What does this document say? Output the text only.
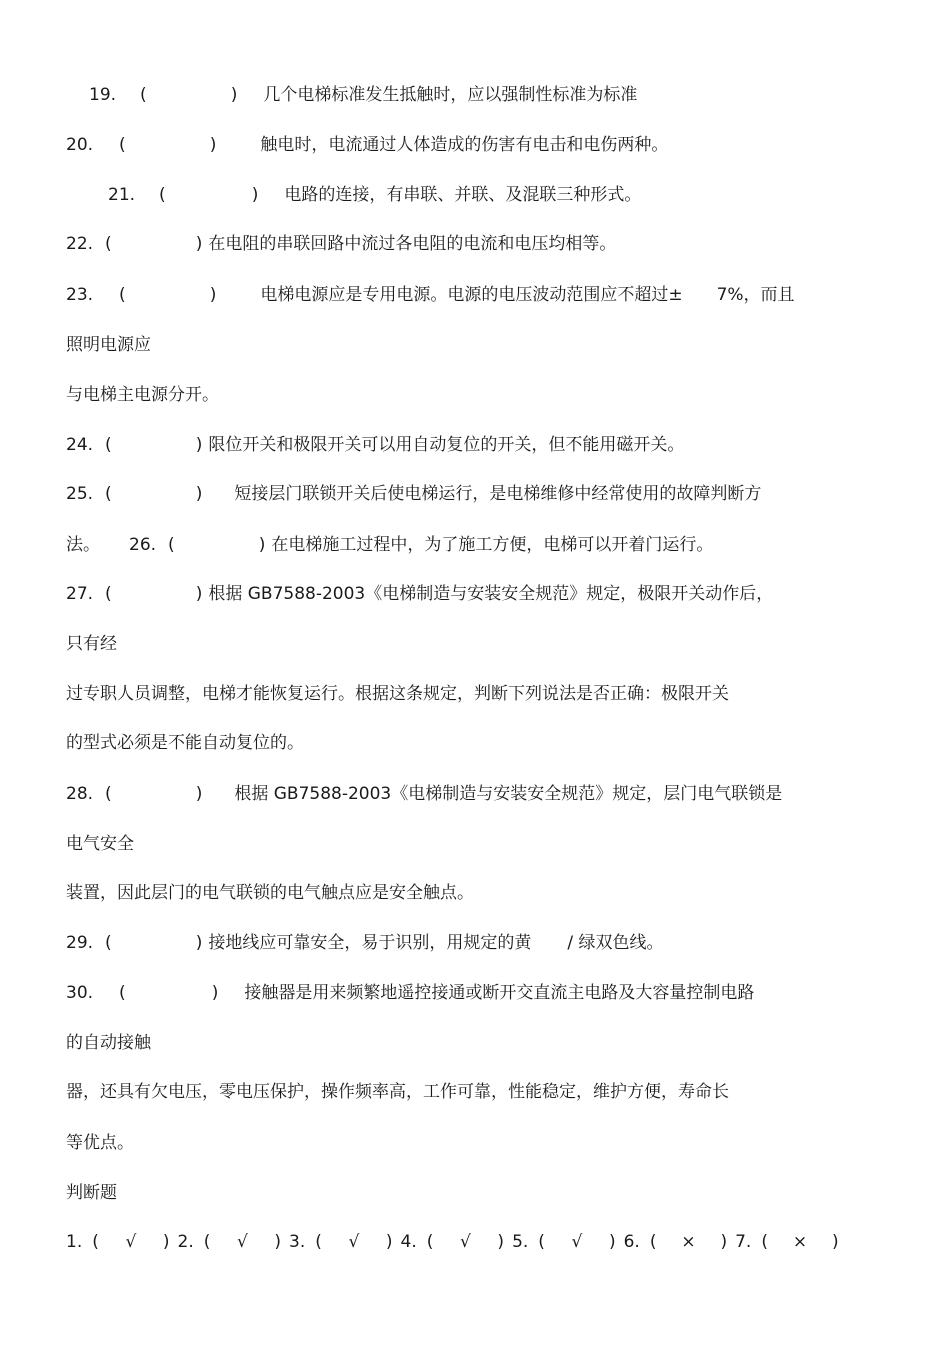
19. (	) 几个电梯标准发生抵触时，应以强制性标准为标准
20. (	)	触电时，电流通过人体造成的伤害有电击和电伤两种。
21. (	) 电路的连接，有串联、并联、及混联三种形式。
22. (	) 在电阻的串联回路中流过各电阻的电流和电压均相等。
23. (	)	电梯电源应是专用电源。电源的电压波动范围应不超过± 7%，而且
照明电源应
与电梯主电源分开。
24. (	) 限位开关和极限开关可以用自动复位的开关，但不能用磁开关。
25. (	) 短接层门联锁开关后使电梯运行，是电梯维修中经常使用的故障判断方
法。 26. (	) 在电梯施工过程中，为了施工方便，电梯可以开着门运行。
27. (	) 根据 GB7588-2003《电梯制造与安装安全规范》规定，极限开关动作后，
只有经
过专职人员调整，电梯才能恢复运行。根据这条规定，判断下列说法是否正确：极限开关
的型式必须是不能自动复位的。
28. (	) 根据 GB7588-2003《电梯制造与安装安全规范》规定，层门电气联锁是
电气安全
装置，因此层门的电气联锁的电气触点应是安全触点。
29. (	) 接地线应可靠安全，易于识别，用规定的黄 / 绿双色线。
30. (	) 接触器是用来频繁地遥控接通或断开交直流主电路及大容量控制电路
的自动接触
器，还具有欠电压，零电压保护，操作频率高，工作可靠，性能稳定，维护方便，寿命长
等优点。
判断题
1. ( √ ) 2. ( √ ) 3. ( √ ) 4. ( √ ) 5. ( √ ) 6. ( × ) 7. ( × )
